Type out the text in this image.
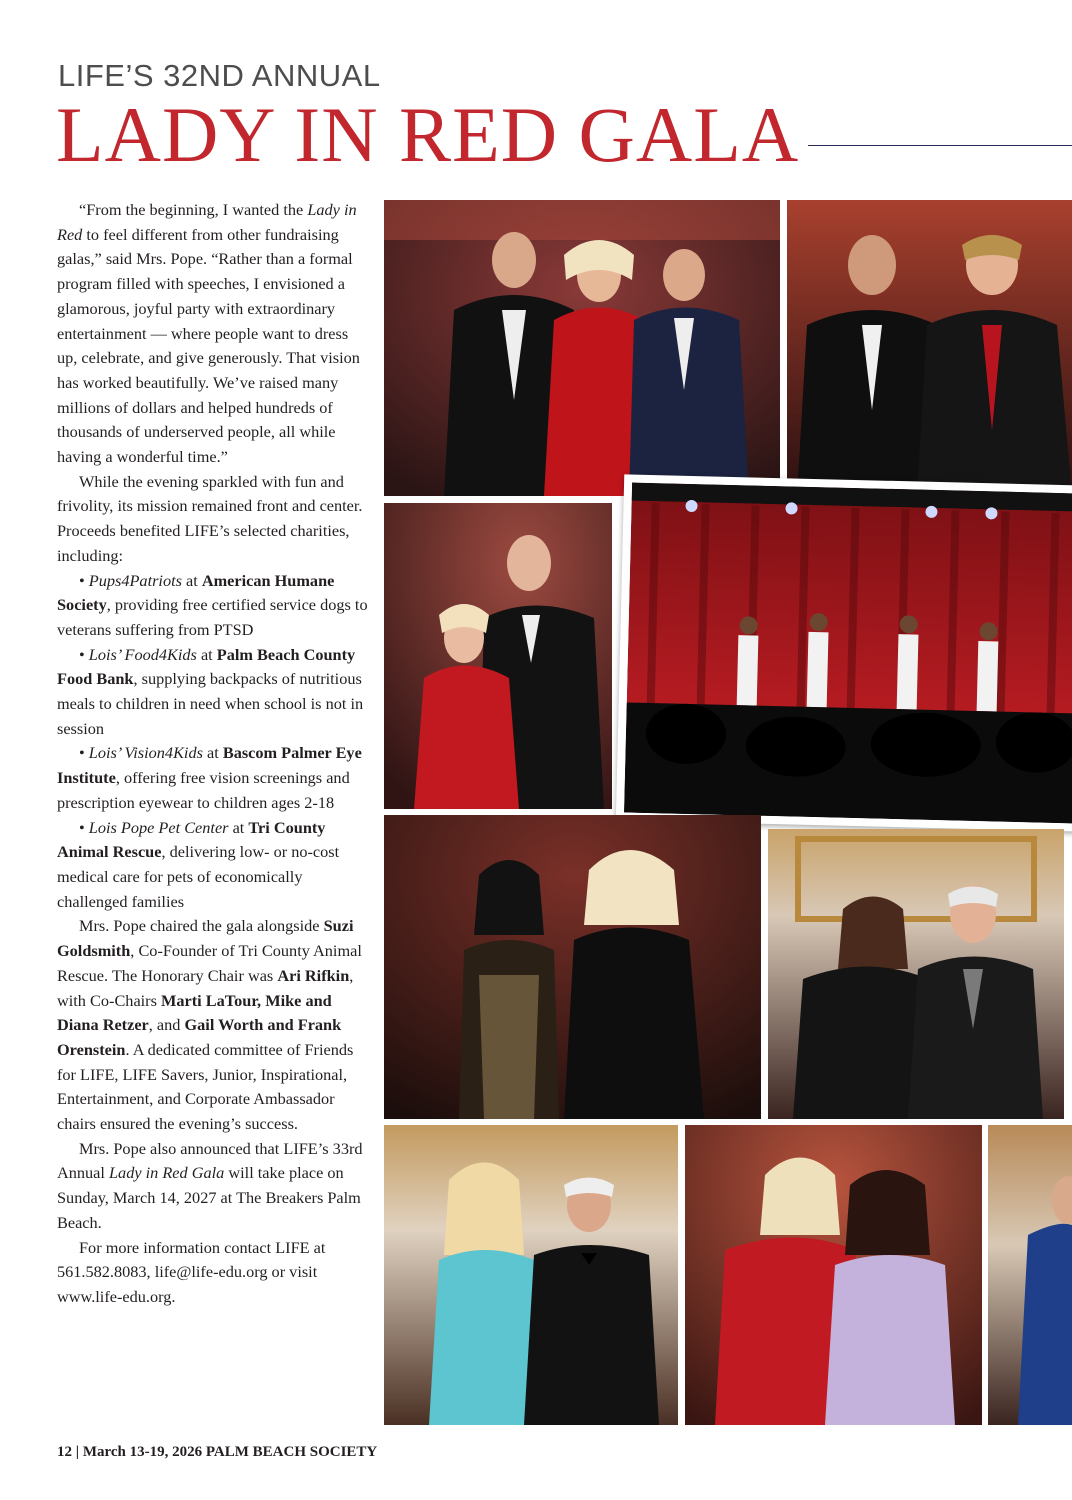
LIFE’S 32ND ANNUAL
LADY IN RED GALA

“From the beginning, I wanted the Lady in Red to feel different from other fundraising galas,” said Mrs. Pope. “Rather than a formal program filled with speeches, I envisioned a glamorous, joyful party with extraordinary entertainment — where people want to dress up, celebrate, and give generously. That vision has worked beautifully. We’ve raised many millions of dollars and helped hundreds of thousands of underserved people, all while having a wonderful time.”

While the evening sparkled with fun and frivolity, its mission remained front and center. Proceeds benefited LIFE’s selected charities, including:

• Pups4Patriots at American Humane Society, providing free certified service dogs to veterans suffering from PTSD

• Lois’ Food4Kids at Palm Beach County Food Bank, supplying backpacks of nutritious meals to children in need when school is not in session

• Lois’ Vision4Kids at Bascom Palmer Eye Institute, offering free vision screenings and prescription eyewear to children ages 2-18

• Lois Pope Pet Center at Tri County Animal Rescue, delivering low- or no-cost medical care for pets of economically challenged families

Mrs. Pope chaired the gala alongside Suzi Goldsmith, Co-Founder of Tri County Animal Rescue. The Honorary Chair was Ari Rifkin, with Co-Chairs Marti LaTour, Mike and Diana Retzer, and Gail Worth and Frank Orenstein. A dedicated committee of Friends for LIFE, LIFE Savers, Junior, Inspirational, Entertainment, and Corporate Ambassador chairs ensured the evening’s success.

Mrs. Pope also announced that LIFE’s 33rd Annual Lady in Red Gala will take place on Sunday, March 14, 2027 at The Breakers Palm Beach.

For more information contact LIFE at 561.582.8083, life@life-edu.org or visit www.life-edu.org.

12 | March 13-19, 2026 PALM BEACH SOCIETY
